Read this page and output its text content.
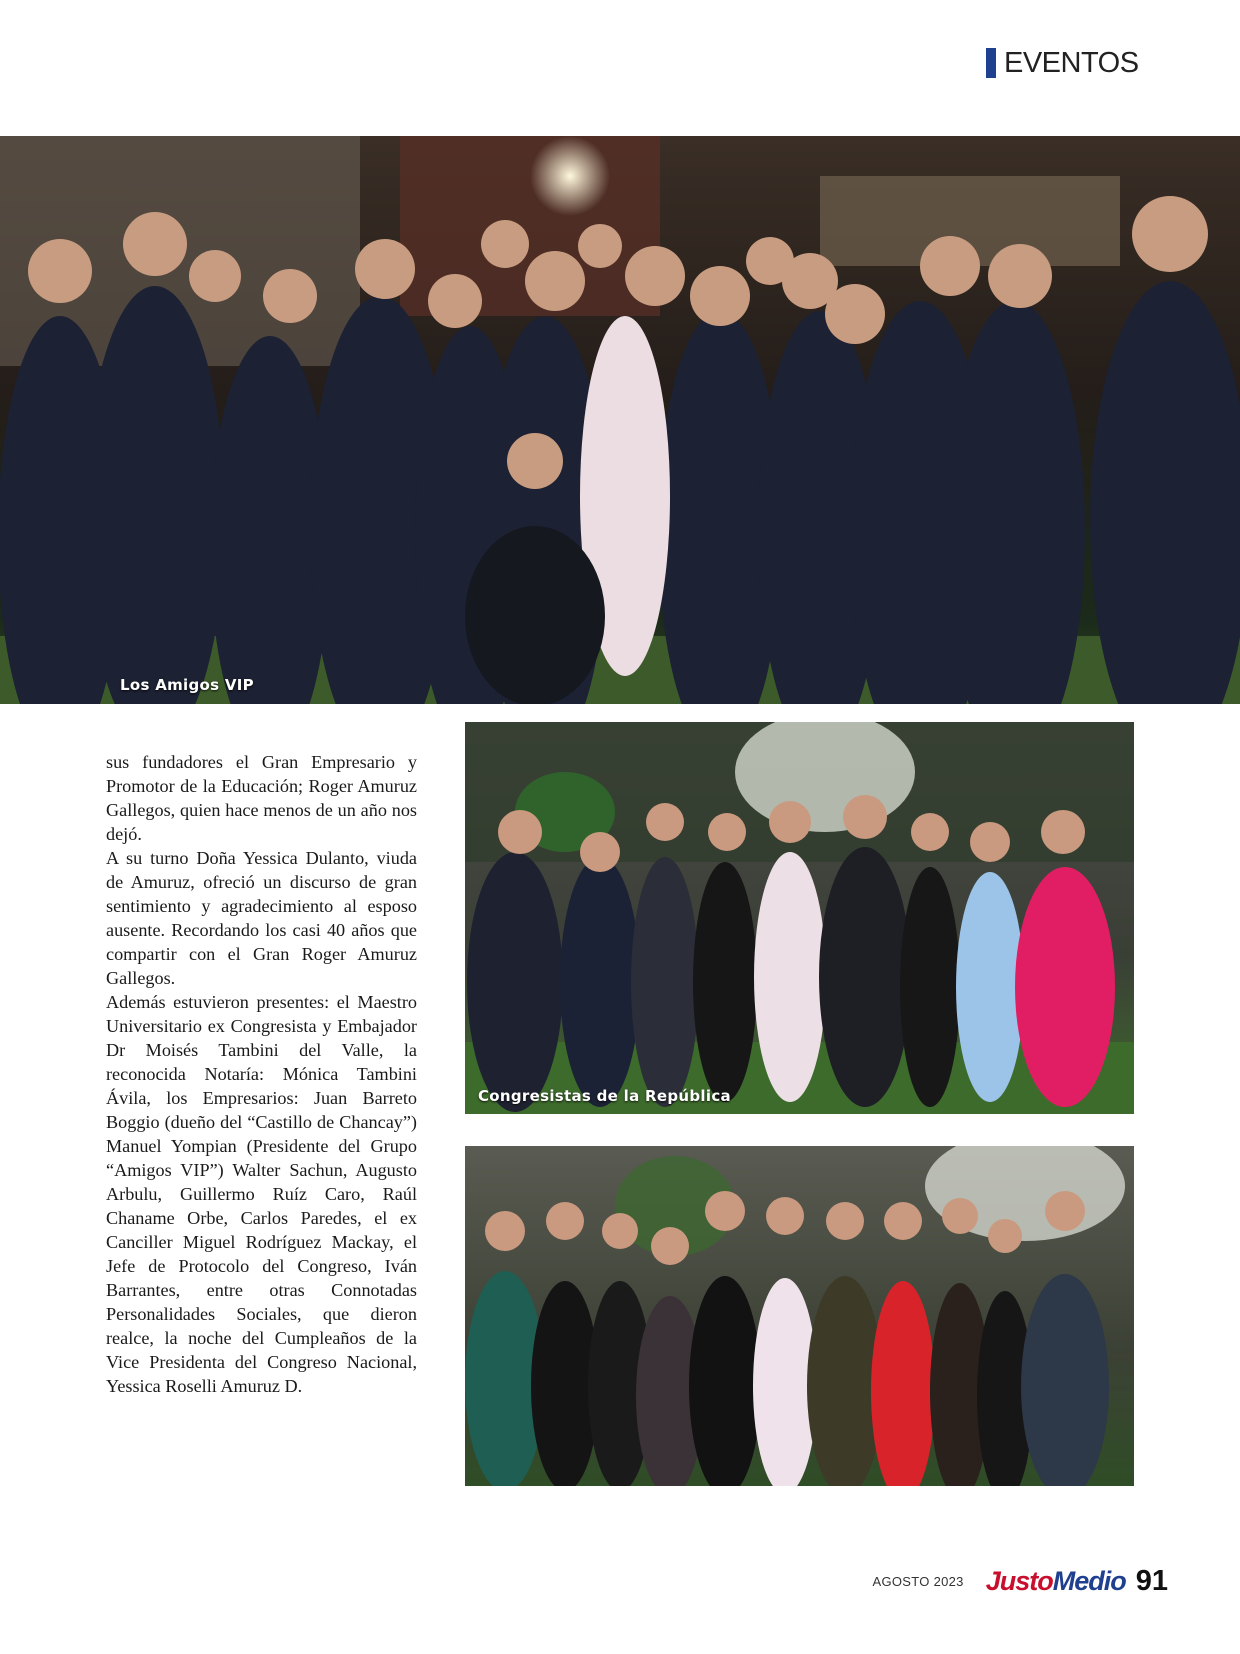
EVENTOS
Los Amigos VIP
Congresistas de la República

sus fundadores el Gran Empresario y Promotor de la Educación; Roger Amuruz Gallegos, quien hace menos de un año nos dejó.

A su turno Doña Yessica Dulanto, viuda de Amuruz, ofreció un discurso de gran sentimiento y agradecimiento al esposo ausente. Recordando los casi 40 años que compartir con el Gran Roger Amuruz Gallegos.

Además estuvieron presentes: el Maestro Universitario ex Congresista y Embajador Dr Moisés Tambini del Valle, la reconocida Notaría: Mónica Tambini Ávila, los Empresarios: Juan Barreto Boggio (dueño del “Castillo de Chancay”) Manuel Yompian (Presidente del Grupo “Amigos VIP”) Walter Sachun, Augusto Arbulu, Guillermo Ruíz Caro, Raúl Chaname Orbe, Carlos Paredes, el ex Canciller Miguel Rodríguez Mackay, el Jefe de Protocolo del Congreso, Iván Barrantes, entre otras Connotadas Personalidades Sociales, que dieron realce, la noche del Cumpleaños de la Vice Presidenta del Congreso Nacional, Yessica Roselli Amuruz D.

AGOSTO 2023 JustoMedio 91
